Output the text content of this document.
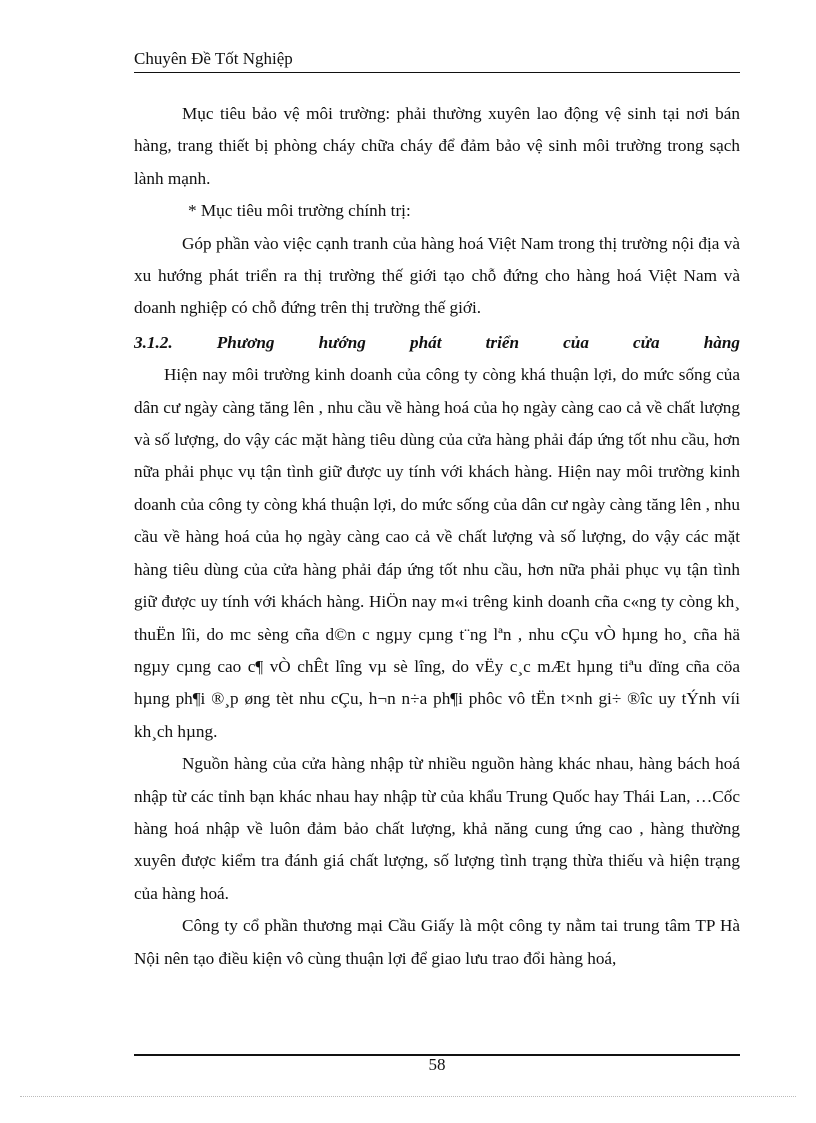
Chuyên Đề Tốt Nghiệp

Mục tiêu bảo vệ môi trường: phải thường xuyên lao động vệ sinh tại nơi bán hàng, trang thiết bị phòng cháy chữa cháy để đảm bảo vệ sinh môi trường trong sạch lành mạnh.

* Mục tiêu môi trường chính trị:

Góp phần vào việc cạnh tranh của hàng hoá Việt Nam trong thị trường nội địa và xu hướng phát triển ra thị trường thế giới tạo chỗ đứng cho hàng hoá Việt Nam và doanh nghiệp có chỗ đứng trên thị trường thế giới.

3.1.2.	Phương	hướng	phát	triển	của	cửa	hàng

Hiện nay môi trường kinh doanh của công ty còng khá thuận lợi, do mức sống của dân cư ngày càng tăng lên , nhu cầu về hàng hoá của họ ngày càng cao cả về chất lượng và số lượng, do vậy các mặt hàng tiêu dùng của cửa hàng phải đáp ứng tốt nhu cầu, hơn nữa phải phục vụ tận tình giữ được uy tính với khách hàng. Hiện nay môi trường kinh doanh của công ty còng khá thuận lợi, do mức sống của dân cư ngày càng tăng lên , nhu cầu về hàng hoá của họ ngày càng cao cả về chất lượng và số lượng, do vậy các mặt hàng tiêu dùng của cửa hàng phải đáp ứng tốt nhu cầu, hơn nữa phải phục vụ tận tình giữ được uy tính với khách hàng. HiÖn nay m«i trêng kinh doanh cña c«ng ty còng kh¸ thuËn lîi, do mc sèng cña d©n c ngµy cµng t¨ng lªn , nhu cÇu vÒ hµng ho¸ cña hä ngµy cµng cao c¶ vÒ chÊt lîng vµ sè lîng, do vËy c¸c mÆt hµng tiªu dïng cña cöa hµng ph¶i ®¸p øng tèt nhu cÇu, h¬n n÷a ph¶i phôc vô tËn t×nh gi÷ ®îc uy tÝnh víi kh¸ch hµng.

Nguồn hàng của cửa hàng nhập từ nhiều nguồn hàng khác nhau, hàng bách hoá nhập từ các tỉnh bạn khác nhau hay nhập từ của khẩu Trung Quốc hay Thái Lan, …Cốc hàng hoá nhập về luôn đảm bảo chất lượng, khả năng cung ứng cao , hàng thường xuyên được kiểm tra đánh giá chất lượng, số lượng tình trạng thừa thiếu và hiện trạng của hàng hoá.

Công ty cổ phần thương mại Cầu Giấy là một công ty nằm tai trung tâm TP Hà Nội nên tạo điều kiện vô cùng thuận lợi để giao lưu trao đổi hàng hoá,

58
